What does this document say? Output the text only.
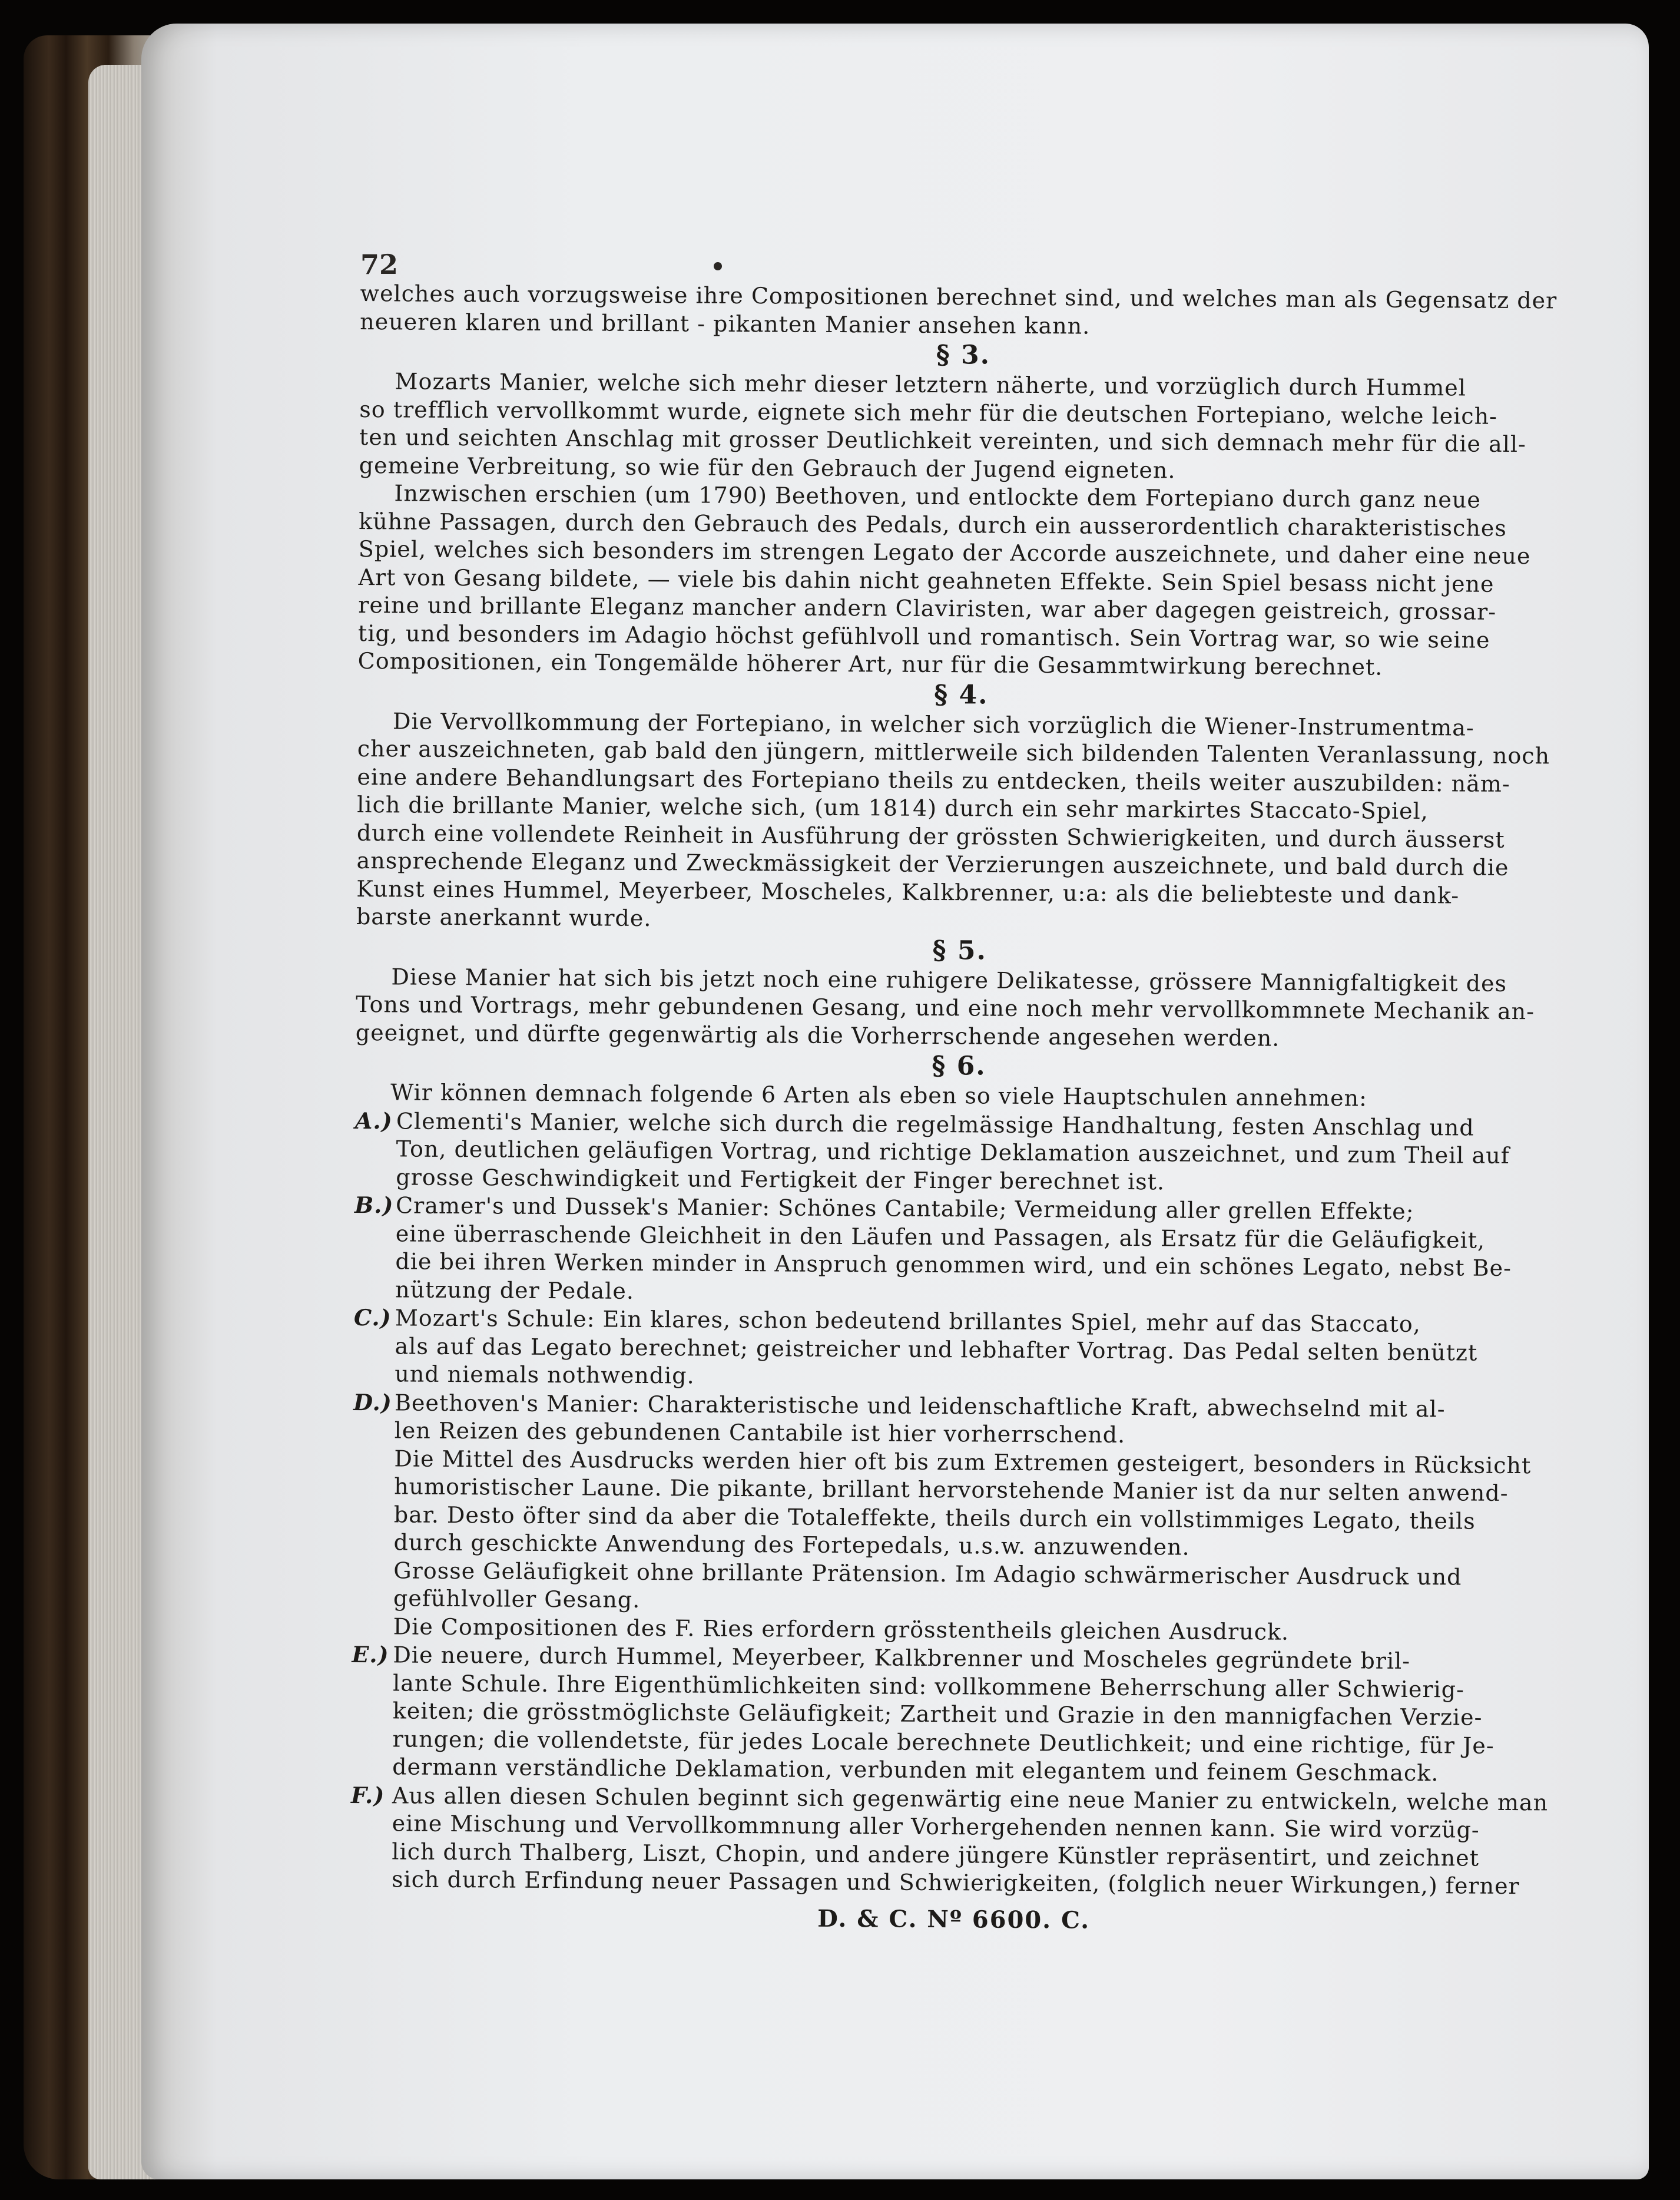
72
welches auch vorzugsweise ihre Compositionen berechnet sind, und welches man als Gegensatz der
neueren klaren und brillant - pikanten Manier ansehen kann.
§ 3.
Mozarts Manier, welche sich mehr dieser letztern näherte, und vorzüglich durch Hummel
so trefflich vervollkommt wurde, eignete sich mehr für die deutschen Fortepiano, welche leich-
ten und seichten Anschlag mit grosser Deutlichkeit vereinten, und sich demnach mehr für die all-
gemeine Verbreitung, so wie für den Gebrauch der Jugend eigneten.
Inzwischen erschien (um 1790) Beethoven, und entlockte dem Fortepiano durch ganz neue
kühne Passagen, durch den Gebrauch des Pedals, durch ein ausserordentlich charakteristisches
Spiel, welches sich besonders im strengen Legato der Accorde auszeichnete, und daher eine neue
Art von Gesang bildete, — viele bis dahin nicht geahneten Effekte. Sein Spiel besass nicht jene
reine und brillante Eleganz mancher andern Claviristen, war aber dagegen geistreich, grossar-
tig, und besonders im Adagio höchst gefühlvoll und romantisch. Sein Vortrag war, so wie seine
Compositionen, ein Tongemälde höherer Art, nur für die Gesammtwirkung berechnet.
§ 4.
Die Vervollkommung der Fortepiano, in welcher sich vorzüglich die Wiener-Instrumentma-
cher auszeichneten, gab bald den jüngern, mittlerweile sich bildenden Talenten Veranlassung, noch
eine andere Behandlungsart des Fortepiano theils zu entdecken, theils weiter auszubilden: näm-
lich die brillante Manier, welche sich, (um 1814) durch ein sehr markirtes Staccato-Spiel,
durch eine vollendete Reinheit in Ausführung der grössten Schwierigkeiten, und durch äusserst
ansprechende Eleganz und Zweckmässigkeit der Verzierungen auszeichnete, und bald durch die
Kunst eines Hummel, Meyerbeer, Moscheles, Kalkbrenner, u:a: als die beliebteste und dank-
barste anerkannt wurde.
§ 5.
Diese Manier hat sich bis jetzt noch eine ruhigere Delikatesse, grössere Mannigfaltigkeit des
Tons und Vortrags, mehr gebundenen Gesang, und eine noch mehr vervollkommnete Mechanik an-
geeignet, und dürfte gegenwärtig als die Vorherrschende angesehen werden.
§ 6.
Wir können demnach folgende 6 Arten als eben so viele Hauptschulen annehmen:
A.) Clementi's Manier, welche sich durch die regelmässige Handhaltung, festen Anschlag und
Ton, deutlichen geläufigen Vortrag, und richtige Deklamation auszeichnet, und zum Theil auf
grosse Geschwindigkeit und Fertigkeit der Finger berechnet ist.
B.)Cramer's und Dussek's Manier: Schönes Cantabile; Vermeidung aller grellen Effekte;
eine überraschende Gleichheit in den Läufen und Passagen, als Ersatz für die Geläufigkeit,
die bei ihren Werken minder in Anspruch genommen wird, und ein schönes Legato, nebst Be-
nützung der Pedale.
C.) Mozart's Schule: Ein klares, schon bedeutend brillantes Spiel, mehr auf das Staccato,
als auf das Legato berechnet; geistreicher und lebhafter Vortrag. Das Pedal selten benützt
und niemals nothwendig.
D.) Beethoven's Manier: Charakteristische und leidenschaftliche Kraft, abwechselnd mit al-
len Reizen des gebundenen Cantabile ist hier vorherrschend.
Die Mittel des Ausdrucks werden hier oft bis zum Extremen gesteigert, besonders in Rücksicht
humoristischer Laune. Die pikante, brillant hervorstehende Manier ist da nur selten anwend-
bar. Desto öfter sind da aber die Totaleffekte, theils durch ein vollstimmiges Legato, theils
durch geschickte Anwendung des Fortepedals, u.s.w. anzuwenden.
Grosse Geläufigkeit ohne brillante Prätension. Im Adagio schwärmerischer Ausdruck und
gefühlvoller Gesang.
Die Compositionen des F. Ries erfordern grösstentheils gleichen Ausdruck.
E.) Die neuere, durch Hummel, Meyerbeer, Kalkbrenner und Moscheles gegründete bril-
lante Schule. Ihre Eigenthümlichkeiten sind: vollkommene Beherrschung aller Schwierig-
keiten; die grösstmöglichste Geläufigkeit; Zartheit und Grazie in den mannigfachen Verzie-
rungen; die vollendetste, für jedes Locale berechnete Deutlichkeit; und eine richtige, für Je-
dermann verständliche Deklamation, verbunden mit elegantem und feinem Geschmack.
F.) Aus allen diesen Schulen beginnt sich gegenwärtig eine neue Manier zu entwickeln, welche man
eine Mischung und Vervollkommnung aller Vorhergehenden nennen kann. Sie wird vorzüg-
lich durch Thalberg, Liszt, Chopin, und andere jüngere Künstler repräsentirt, und zeichnet
sich durch Erfindung neuer Passagen und Schwierigkeiten, (folglich neuer Wirkungen,) ferner
D. & C. Nº 6600. C.
